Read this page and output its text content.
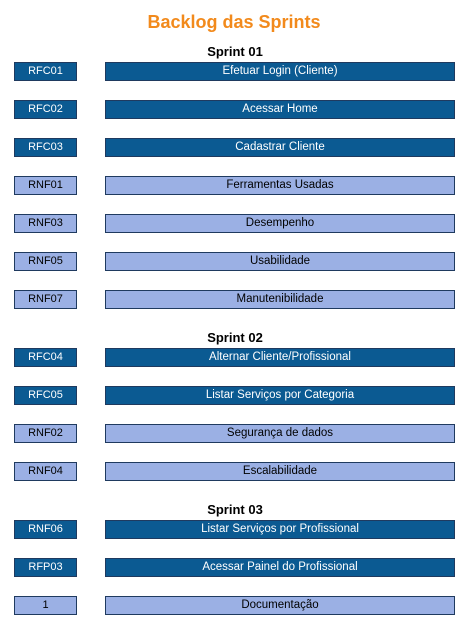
Backlog das Sprints
Sprint 01
RFC01	Efetuar Login (Cliente)
RFC02	Acessar Home
RFC03	Cadastrar Cliente
RNF01	Ferramentas Usadas
RNF03	Desempenho
RNF05	Usabilidade
RNF07	Manutenibilidade
Sprint 02
RFC04	Alternar Cliente/Profissional
RFC05	Listar Serviços por Categoria
RNF02	Segurança de dados
RNF04	Escalabilidade
Sprint 03
RNF06	Listar Serviços por Profissional
RFP03	Acessar Painel do Profissional
1	Documentação
